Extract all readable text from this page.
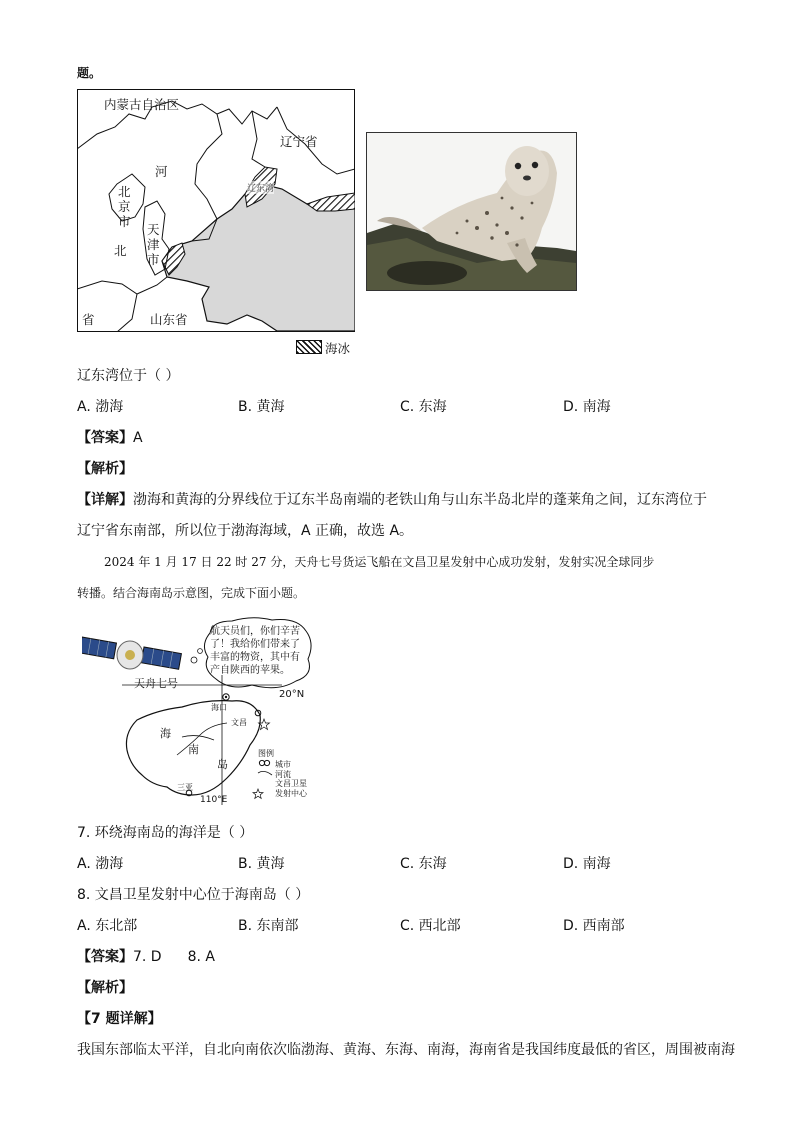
题。
内蒙古自治区
辽宁省
河
北
省
北
京
市
天
津
市
山东省
辽东湾
海冰
辽东湾位于（ ）
A. 渤海	B. 黄海	C. 东海	D. 南海
【答案】A
【解析】
【详解】渤海和黄海的分界线位于辽东半岛南端的老铁山角与山东半岛北岸的蓬莱角之间，辽东湾位于
辽宁省东南部，所以位于渤海海域，A 正确，故选 A。
2024 年 1 月 17 日 22 时 27 分，天舟七号货运飞船在文昌卫星发射中心成功发射，发射实况全球同步
转播。结合海南岛示意图，完成下面小题。
航天员们，你们辛苦
了！我给你们带来了
丰富的物资，其中有
产自陕西的苹果。
天舟七号
20°N
110°E
海口
文昌
三亚
海
南
岛
图例
城市
河流
文昌卫星
发射中心
7. 环绕海南岛的海洋是（ ）
A. 渤海	B. 黄海	C. 东海	D. 南海
8. 文昌卫星发射中心位于海南岛（ ）
A. 东北部	B. 东南部	C. 西北部	D. 西南部
【答案】7. D 8. A
【解析】
【7 题详解】
我国东部临太平洋，自北向南依次临渤海、黄海、东海、南海，海南省是我国纬度最低的省区，周围被南海
